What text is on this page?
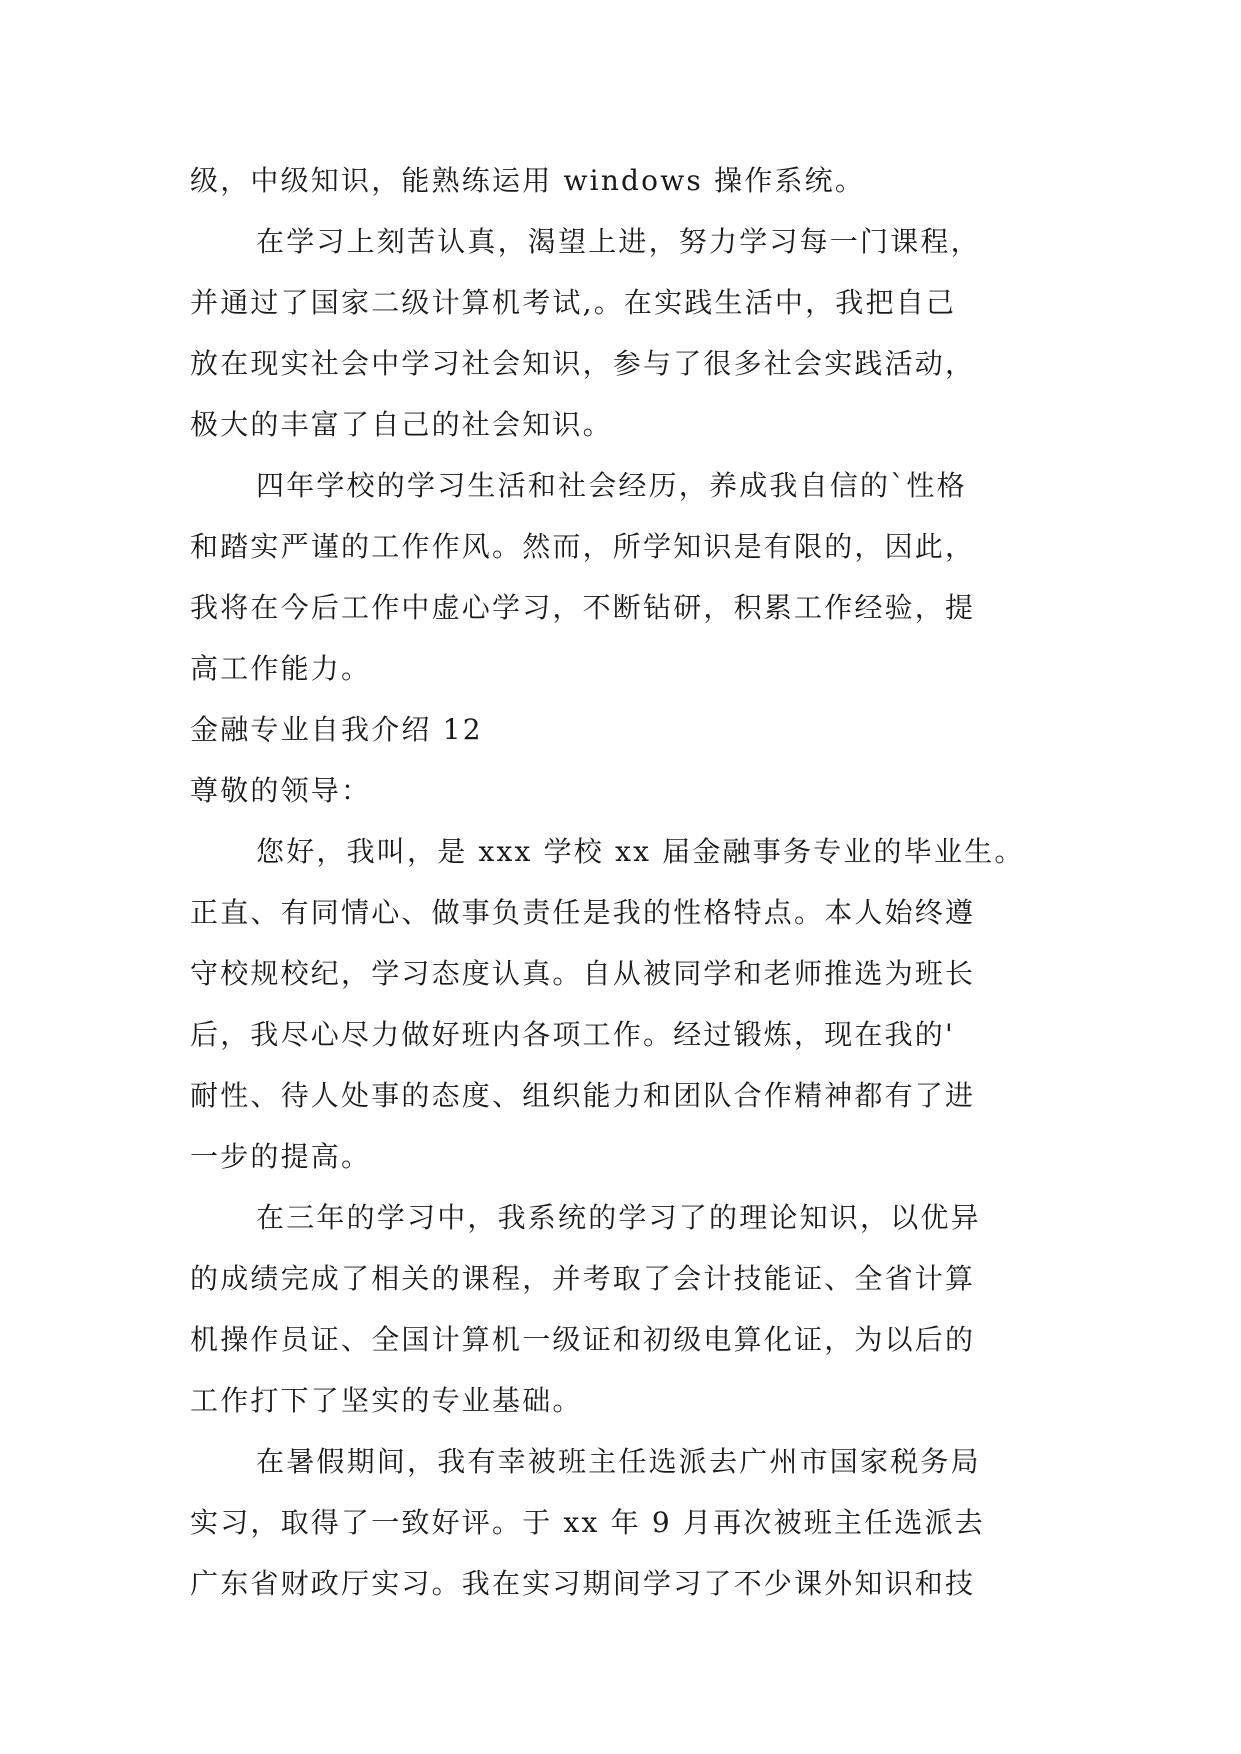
级，中级知识，能熟练运用 windows 操作系统。
在学习上刻苦认真，渴望上进，努力学习每一门课程，
并通过了国家二级计算机考试,。在实践生活中，我把自己
放在现实社会中学习社会知识，参与了很多社会实践活动，
极大的丰富了自己的社会知识。
四年学校的学习生活和社会经历，养成我自信的`性格
和踏实严谨的工作作风。然而，所学知识是有限的，因此，
我将在今后工作中虚心学习，不断钻研，积累工作经验，提
高工作能力。
金融专业自我介绍 12
尊敬的领导：
您好，我叫，是 xxx 学校 xx 届金融事务专业的毕业生。
正直、有同情心、做事负责任是我的性格特点。本人始终遵
守校规校纪，学习态度认真。自从被同学和老师推选为班长
后，我尽心尽力做好班内各项工作。经过锻炼，现在我的'
耐性、待人处事的态度、组织能力和团队合作精神都有了进
一步的提高。
在三年的学习中，我系统的学习了的理论知识，以优异
的成绩完成了相关的课程，并考取了会计技能证、全省计算
机操作员证、全国计算机一级证和初级电算化证，为以后的
工作打下了坚实的专业基础。
在暑假期间，我有幸被班主任选派去广州市国家税务局
实习，取得了一致好评。于 xx 年 9 月再次被班主任选派去
广东省财政厅实习。我在实习期间学习了不少课外知识和技
